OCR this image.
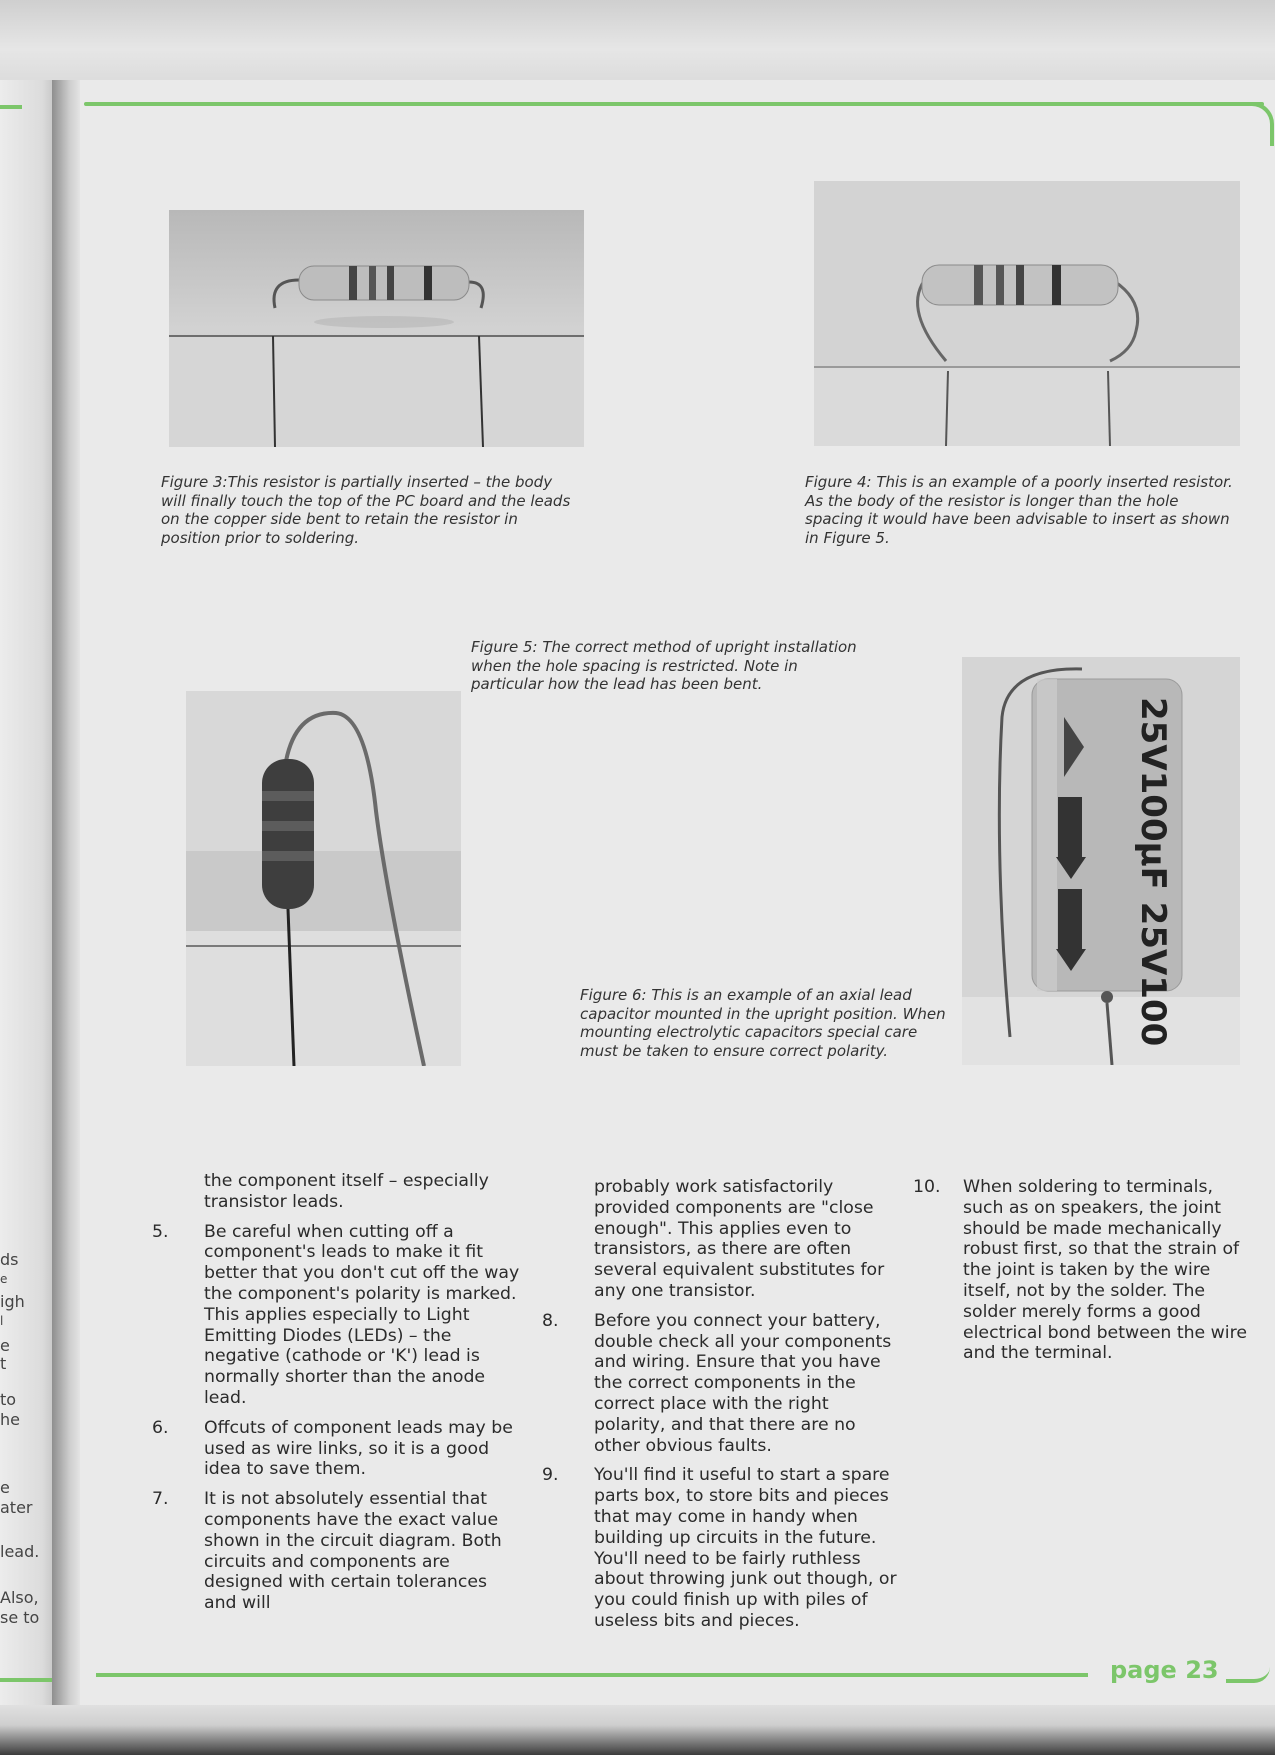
ds
e
igh
l
e
t
to
he
e
ater
lead.
Also,
se to
page 23
25V100μF 25V100
Figure 3:This resistor is partially inserted – the body will finally touch the top of the PC board and the leads on the copper side bent to retain the resistor in position prior to soldering.
Figure 4: This is an example of a poorly inserted resistor. As the body of the resistor is longer than the hole spacing it would have been advisable to insert as shown in Figure 5.
Figure 5: The correct method of upright installation when the hole spacing is restricted. Note in particular how the lead has been bent.
Figure 6: This is an example of an axial lead capacitor mounted in the upright position. When mounting electrolytic capacitors special care must be taken to ensure correct polarity.

the component itself – especially

transistor leads.

5. Be careful when cutting off a component's leads to make it fit better that you don't cut off the way the component's polarity is marked. This applies especially to Light Emitting Diodes (LEDs) – the negative (cathode or 'K') lead is normally shorter than the anode lead.

6. Offcuts of component leads may be used as wire links, so it is a good idea to save them.

7. It is not absolutely essential that components have the exact value shown in the circuit diagram. Both circuits and components are designed with certain tolerances and will

probably work satisfactorily provided components are "close enough". This applies even to transistors, as there are often several equivalent substitutes for any one transistor.

8. Before you connect your battery, double check all your components and wiring. Ensure that you have the correct components in the correct place with the right polarity, and that there are no other obvious faults.

9. You'll find it useful to start a spare parts box, to store bits and pieces that may come in handy when building up circuits in the future. You'll need to be fairly ruthless about throwing junk out though, or you could finish up with piles of useless bits and pieces.

10. When soldering to terminals, such as on speakers, the joint should be made mechanically robust first, so that the strain of the joint is taken by the wire itself, not by the solder. The solder merely forms a good electrical bond between the wire and the terminal.
